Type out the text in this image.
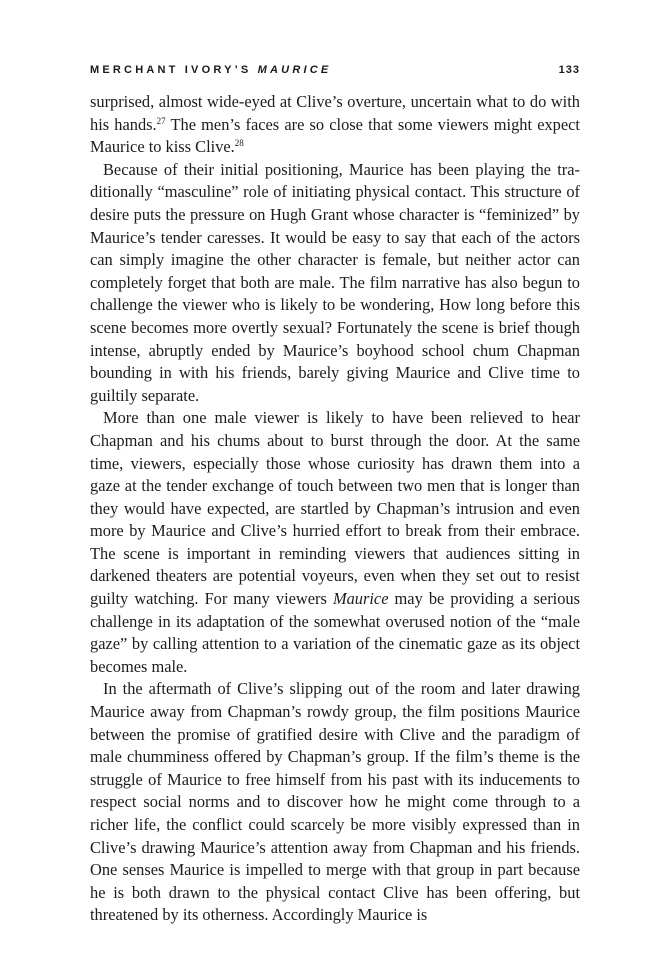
MERCHANT IVORY’S MAURICE	133

surprised, almost wide-eyed at Clive’s overture, uncertain what to do with his hands.$^{27}$ The men’s faces are so close that some viewers might expect Maurice to kiss Clive.$^{28}$

Because of their initial positioning, Maurice has been playing the traditionally “masculine” role of initiating physical contact. This structure of desire puts the pressure on Hugh Grant whose character is “feminized” by Maurice’s tender caresses. It would be easy to say that each of the actors can simply imagine the other character is female, but neither actor can completely forget that both are male. The film narrative has also begun to challenge the viewer who is likely to be wondering, How long before this scene becomes more overtly sexual? Fortunately the scene is brief though intense, abruptly ended by Maurice’s boyhood school chum Chapman bounding in with his friends, barely giving Maurice and Clive time to guiltily separate.

More than one male viewer is likely to have been relieved to hear Chapman and his chums about to burst through the door. At the same time, viewers, especially those whose curiosity has drawn them into a gaze at the tender exchange of touch between two men that is longer than they would have expected, are startled by Chapman’s intrusion and even more by Maurice and Clive’s hurried effort to break from their embrace. The scene is important in reminding viewers that audiences sitting in darkened theaters are potential voyeurs, even when they set out to resist guilty watching. For many viewers Maurice may be providing a serious challenge in its adaptation of the somewhat overused notion of the “male gaze” by calling attention to a variation of the cinematic gaze as its object becomes male.

In the aftermath of Clive’s slipping out of the room and later drawing Maurice away from Chapman’s rowdy group, the film positions Maurice between the promise of gratified desire with Clive and the paradigm of male chumminess offered by Chapman’s group. If the film’s theme is the struggle of Maurice to free himself from his past with its inducements to respect social norms and to discover how he might come through to a richer life, the conflict could scarcely be more visibly expressed than in Clive’s drawing Maurice’s attention away from Chapman and his friends. One senses Maurice is impelled to merge with that group in part because he is both drawn to the physical contact Clive has been offering, but threatened by its otherness. Accordingly Maurice is
